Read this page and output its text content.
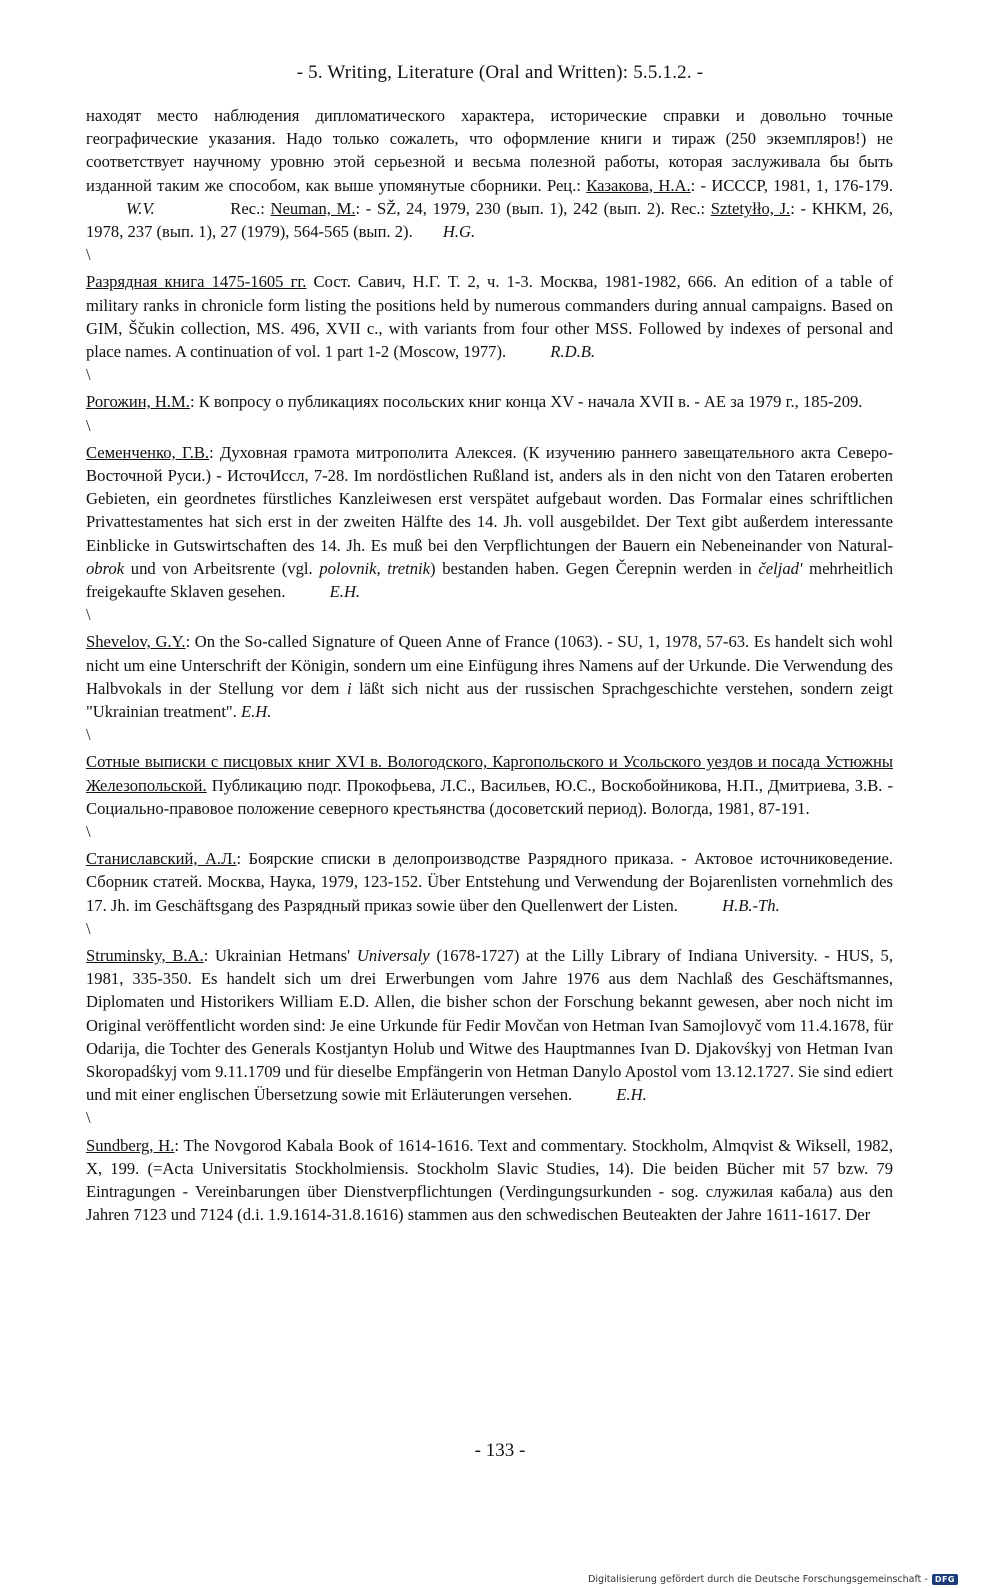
- 5. Writing, Literature (Oral and Written): 5.5.1.2. -

находят место наблюдения дипломатического характера, исторические справки и довольно точные географические указания. Надо только сожалеть, что оформление книги и тираж (250 экземпляров!) не соответствует научному уровню этой серьезной и весьма полезной работы, которая заслуживала бы быть изданной таким же способом, как выше упомянутые сборники. Рец.: Казакова, Н.А.: - ИСССР, 1981, 1, 176-179. W.V.	Rec.: Neuman, M.: - SŽ, 24, 1979, 230 (вып. 1), 242 (вып. 2). Rec.: Sztetyłło, J.: - KHKM, 26, 1978, 237 (вып. 1), 27 (1979), 564-565 (вып. 2). H.G.

\

Разрядная книга 1475-1605 гг. Сост. Савич, Н.Г. Т. 2, ч. 1-3. Москва, 1981-1982, 666. An edition of a table of military ranks in chronicle form listing the positions held by numerous commanders during annual campaigns. Based on GIM, Ščukin collection, MS. 496, XVII c., with variants from four other MSS. Followed by indexes of personal and place names. A continuation of vol. 1 part 1-2 (Moscow, 1977).	R.D.B.

\

Рогожин, Н.М.: К вопросу о публикациях посольских книг конца XV - начала XVII в. - АЕ за 1979 г., 185-209.

\

Семенченко, Г.В.: Духовная грамота митрополита Алексея. (К изучению раннего завещательного акта Северо-Восточной Руси.) - ИсточИссл, 7-28. Im nordöstlichen Rußland ist, anders als in den nicht von den Tataren eroberten Gebieten, ein geordnetes fürstliches Kanzleiwesen erst verspätet aufgebaut worden. Das Formalar eines schriftlichen Privattestamentes hat sich erst in der zweiten Hälfte des 14. Jh. voll ausgebildet. Der Text gibt außerdem interessante Einblicke in Gutswirtschaften des 14. Jh. Es muß bei den Verpflichtungen der Bauern ein Nebeneinander von Natural-obrok und von Arbeitsrente (vgl. polovnik, tretnik) bestanden haben. Gegen Čerepnin werden in čeljad' mehrheitlich freigekaufte Sklaven gesehen.	E.H.

\

Shevelov, G.Y.: On the So-called Signature of Queen Anne of France (1063). - SU, 1, 1978, 57-63. Es handelt sich wohl nicht um eine Unterschrift der Königin, sondern um eine Einfügung ihres Namens auf der Urkunde. Die Verwendung des Halbvokals in der Stellung vor dem i läßt sich nicht aus der russischen Sprachgeschichte verstehen, sondern zeigt "Ukrainian treatment". E.H.

\

Сотные выписки с писцовых книг XVI в. Вологодского, Каргопольского и Усольского уездов и посада Устюжны Железопольской. Публикацию подг. Прокофьева, Л.С., Васильев, Ю.С., Воскобойникова, Н.П., Дмитриева, З.В. - Социально-правовое положение северного крестьянства (досоветский период). Вологда, 1981, 87-191.

\

Станиславский, А.Л.: Боярские списки в делопроизводстве Разрядного приказа. - Актовое источниковедение. Сборник статей. Москва, Наука, 1979, 123-152. Über Entstehung und Verwendung der Bojarenlisten vornehmlich des 17. Jh. im Geschäftsgang des Разрядный приказ sowie über den Quellenwert der Listen.	H.B.-Th.

\

Struminsky, B.A.: Ukrainian Hetmans' Universaly (1678-1727) at the Lilly Library of Indiana University. - HUS, 5, 1981, 335-350. Es handelt sich um drei Erwerbungen vom Jahre 1976 aus dem Nachlaß des Geschäftsmannes, Diplomaten und Historikers William E.D. Allen, die bisher schon der Forschung bekannt gewesen, aber noch nicht im Original veröffentlicht worden sind: Je eine Urkunde für Fedir Movčan von Hetman Ivan Samojlovyč vom 11.4.1678, für Odarija, die Tochter des Generals Kostjantyn Holub und Witwe des Hauptmannes Ivan D. Djakovśkyj von Hetman Ivan Skoropadśkyj vom 9.11.1709 und für dieselbe Empfängerin von Hetman Danylo Apostol vom 13.12.1727. Sie sind ediert und mit einer englischen Übersetzung sowie mit Erläuterungen versehen.	E.H.

\

Sundberg, H.: The Novgorod Kabala Book of 1614-1616. Text and commentary. Stockholm, Almqvist & Wiksell, 1982, X, 199. (=Acta Universitatis Stockholmiensis. Stockholm Slavic Studies, 14). Die beiden Bücher mit 57 bzw. 79 Eintragungen - Vereinbarungen über Dienstverpflichtungen (Verdingungsurkunden - sog. служилая кабала) aus den Jahren 7123 und 7124 (d.i. 1.9.1614-31.8.1616) stammen aus den schwedischen Beuteakten der Jahre 1611-1617. Der

- 133 -
Digitalisierung gefördert durch die Deutsche Forschungsgemeinschaft - DFG
